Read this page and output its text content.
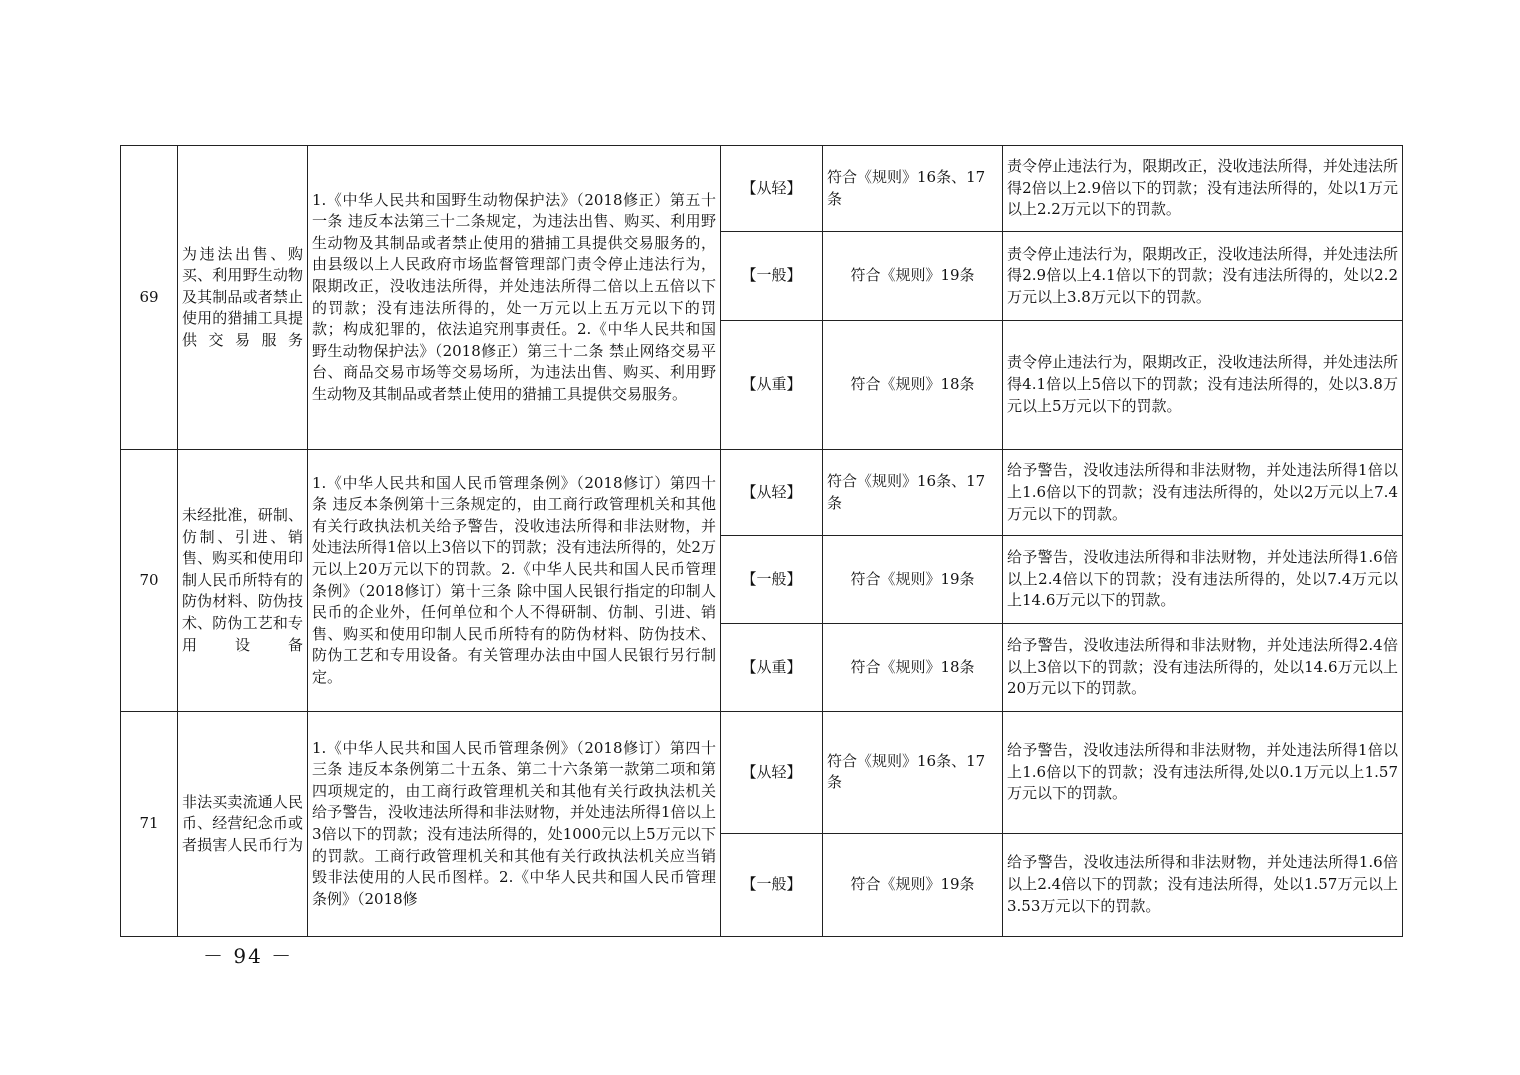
69	为违法出售、购买、利用野生动物及其制品或者禁止使用的猎捕工具提供交易服务	1.《中华人民共和国野生动物保护法》（2018修正）第五十一条 违反本法第三十二条规定，为违法出售、购买、利用野生动物及其制品或者禁止使用的猎捕工具提供交易服务的，由县级以上人民政府市场监督管理部门责令停止违法行为，限期改正，没收违法所得，并处违法所得二倍以上五倍以下的罚款；没有违法所得的，处一万元以上五万元以下的罚款；构成犯罪的，依法追究刑事责任。2.《中华人民共和国野生动物保护法》（2018修正）第三十二条 禁止网络交易平台、商品交易市场等交易场所，为违法出售、购买、利用野生动物及其制品或者禁止使用的猎捕工具提供交易服务。	【从轻】	符合《规则》16条、17条	责令停止违法行为，限期改正，没收违法所得，并处违法所得2倍以上2.9倍以下的罚款；没有违法所得的，处以1万元以上2.2万元以下的罚款。
			【一般】	符合《规则》19条	责令停止违法行为，限期改正，没收违法所得，并处违法所得2.9倍以上4.1倍以下的罚款；没有违法所得的，处以2.2万元以上3.8万元以下的罚款。
			【从重】	符合《规则》18条	责令停止违法行为，限期改正，没收违法所得，并处违法所得4.1倍以上5倍以下的罚款；没有违法所得的，处以3.8万元以上5万元以下的罚款。
70	未经批准，研制、仿制、引进、销售、购买和使用印制人民币所特有的防伪材料、防伪技术、防伪工艺和专用设备	1.《中华人民共和国人民币管理条例》（2018修订）第四十条 违反本条例第十三条规定的，由工商行政管理机关和其他有关行政执法机关给予警告，没收违法所得和非法财物，并处违法所得1倍以上3倍以下的罚款；没有违法所得的，处2万元以上20万元以下的罚款。2.《中华人民共和国人民币管理条例》（2018修订）第十三条 除中国人民银行指定的印制人民币的企业外，任何单位和个人不得研制、仿制、引进、销售、购买和使用印制人民币所特有的防伪材料、防伪技术、防伪工艺和专用设备。有关管理办法由中国人民银行另行制定。	【从轻】	符合《规则》16条、17条	给予警告，没收违法所得和非法财物，并处违法所得1倍以上1.6倍以下的罚款；没有违法所得的，处以2万元以上7.4万元以下的罚款。
			【一般】	符合《规则》19条	给予警告，没收违法所得和非法财物，并处违法所得1.6倍以上2.4倍以下的罚款；没有违法所得的，处以7.4万元以上14.6万元以下的罚款。
			【从重】	符合《规则》18条	给予警告，没收违法所得和非法财物，并处违法所得2.4倍以上3倍以下的罚款；没有违法所得的，处以14.6万元以上20万元以下的罚款。
71	非法买卖流通人民币、经营纪念币或者损害人民币行为	1.《中华人民共和国人民币管理条例》（2018修订）第四十三条 违反本条例第二十五条、第二十六条第一款第二项和第四项规定的，由工商行政管理机关和其他有关行政执法机关给予警告，没收违法所得和非法财物，并处违法所得1倍以上3倍以下的罚款；没有违法所得的，处1000元以上5万元以下的罚款。工商行政管理机关和其他有关行政执法机关应当销毁非法使用的人民币图样。2.《中华人民共和国人民币管理条例》（2018修	【从轻】	符合《规则》16条、17条	给予警告，没收违法所得和非法财物，并处违法所得1倍以上1.6倍以下的罚款；没有违法所得,处以0.1万元以上1.57万元以下的罚款。
			【一般】	符合《规则》19条	给予警告，没收违法所得和非法财物，并处违法所得1.6倍以上2.4倍以下的罚款；没有违法所得，处以1.57万元以上3.53万元以下的罚款。
－ 94 －
